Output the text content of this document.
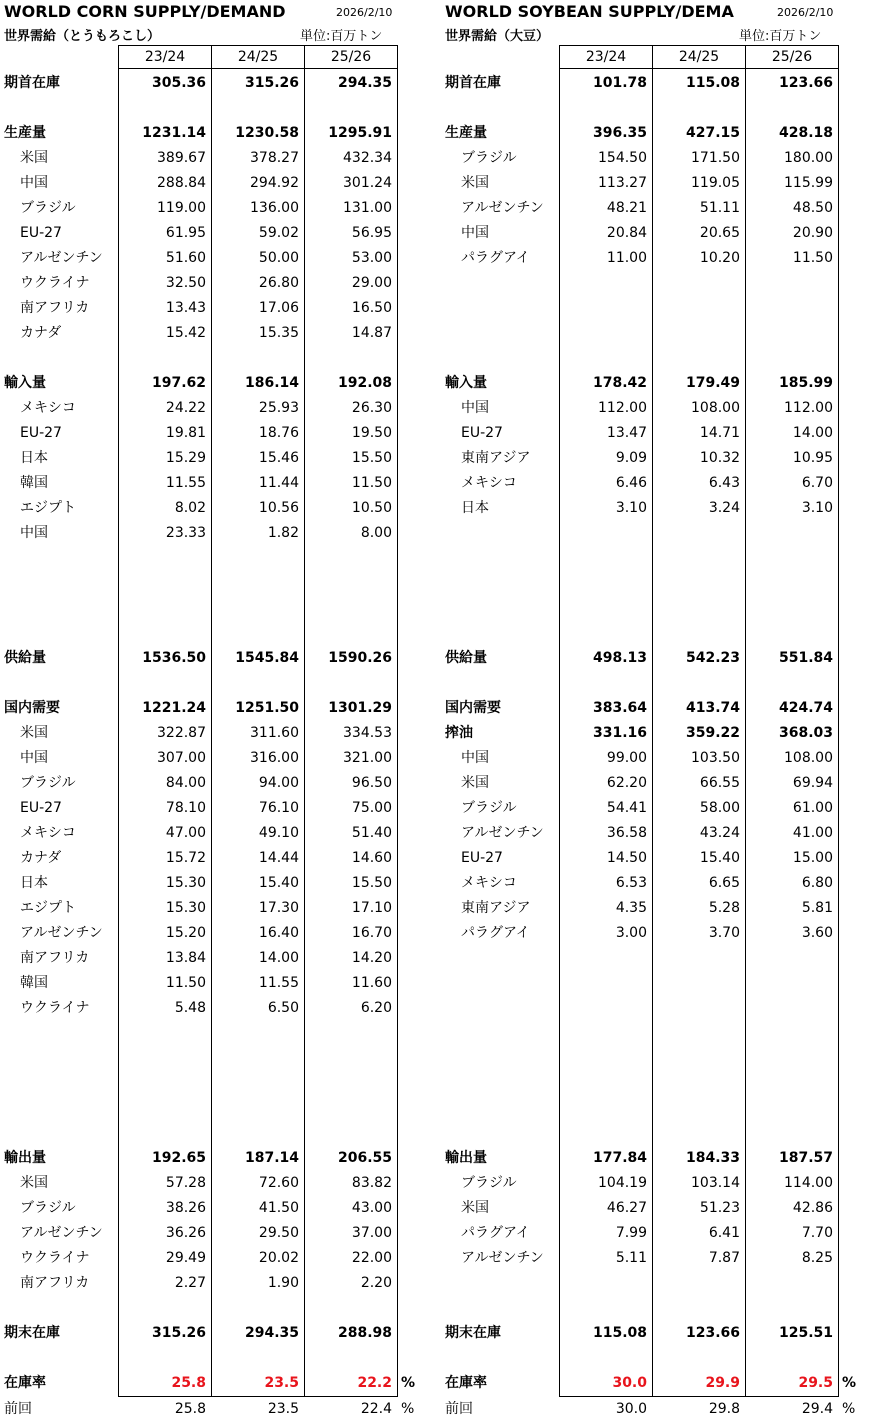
WORLD CORN SUPPLY/DEMAND	2026/2/10
世界需給（とうもろこし）	単位:百万トン
23/24	24/25	25/26
期首在庫	305.36	315.26	294.35
生産量	1231.14	1230.58	1295.91
米国	389.67	378.27	432.34
中国	288.84	294.92	301.24
ブラジル	119.00	136.00	131.00
EU-27	61.95	59.02	56.95
アルゼンチン	51.60	50.00	53.00
ウクライナ	32.50	26.80	29.00
南アフリカ	13.43	17.06	16.50
カナダ	15.42	15.35	14.87
輸入量	197.62	186.14	192.08
メキシコ	24.22	25.93	26.30
EU-27	19.81	18.76	19.50
日本	15.29	15.46	15.50
韓国	11.55	11.44	11.50
エジプト	8.02	10.56	10.50
中国	23.33	1.82	8.00
供給量	1536.50	1545.84	1590.26
国内需要	1221.24	1251.50	1301.29
米国	322.87	311.60	334.53
中国	307.00	316.00	321.00
ブラジル	84.00	94.00	96.50
EU-27	78.10	76.10	75.00
メキシコ	47.00	49.10	51.40
カナダ	15.72	14.44	14.60
日本	15.30	15.40	15.50
エジプト	15.30	17.30	17.10
アルゼンチン	15.20	16.40	16.70
南アフリカ	13.84	14.00	14.20
韓国	11.50	11.55	11.60
ウクライナ	5.48	6.50	6.20
輸出量	192.65	187.14	206.55
米国	57.28	72.60	83.82
ブラジル	38.26	41.50	43.00
アルゼンチン	36.26	29.50	37.00
ウクライナ	29.49	20.02	22.00
南アフリカ	2.27	1.90	2.20
期末在庫	315.26	294.35	288.98
在庫率	25.8	23.5	22.2 %
前回	25.8	23.5	22.4 %
WORLD SOYBEAN SUPPLY/DEMA	2026/2/10
世界需給（大豆）	単位:百万トン
23/24	24/25	25/26
期首在庫	101.78	115.08	123.66
生産量	396.35	427.15	428.18
ブラジル	154.50	171.50	180.00
米国	113.27	119.05	115.99
アルゼンチン	48.21	51.11	48.50
中国	20.84	20.65	20.90
パラグアイ	11.00	10.20	11.50
輸入量	178.42	179.49	185.99
中国	112.00	108.00	112.00
EU-27	13.47	14.71	14.00
東南アジア	9.09	10.32	10.95
メキシコ	6.46	6.43	6.70
日本	3.10	3.24	3.10
供給量	498.13	542.23	551.84
国内需要	383.64	413.74	424.74
搾油	331.16	359.22	368.03
中国	99.00	103.50	108.00
米国	62.20	66.55	69.94
ブラジル	54.41	58.00	61.00
アルゼンチン	36.58	43.24	41.00
EU-27	14.50	15.40	15.00
メキシコ	6.53	6.65	6.80
東南アジア	4.35	5.28	5.81
パラグアイ	3.00	3.70	3.60
輸出量	177.84	184.33	187.57
ブラジル	104.19	103.14	114.00
米国	46.27	51.23	42.86
パラグアイ	7.99	6.41	7.70
アルゼンチン	5.11	7.87	8.25
期末在庫	115.08	123.66	125.51
在庫率	30.0	29.9	29.5 %
前回	30.0	29.8	29.4 %
